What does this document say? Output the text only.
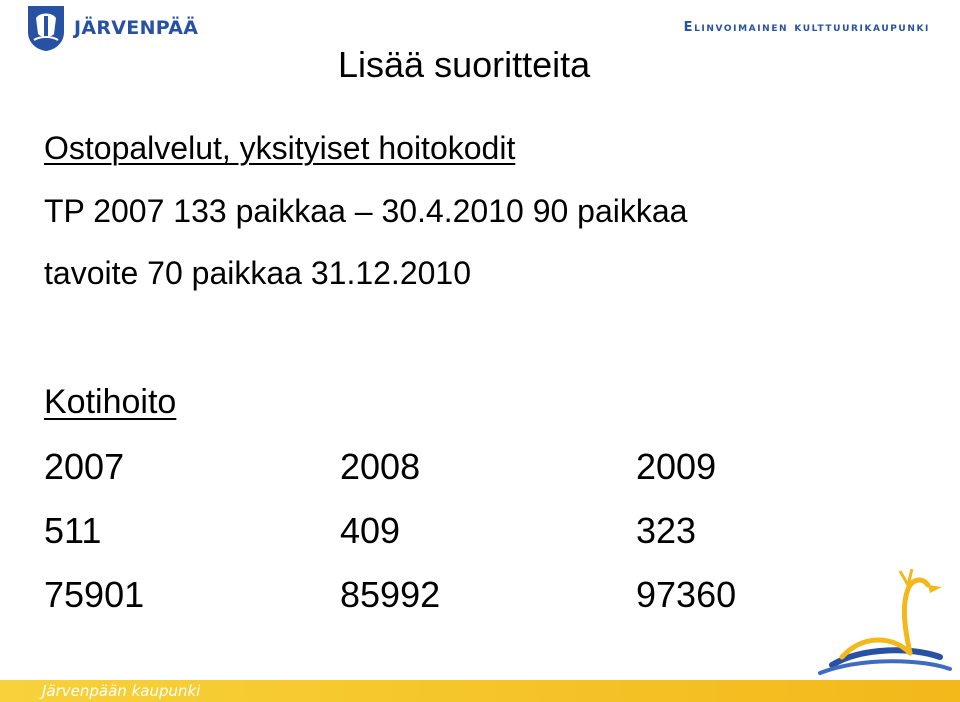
JÄRVENPÄÄ	Elinvoimainen kulttuurikaupunki
Lisää suoritteita
Ostopalvelut, yksityiset hoitokodit
TP 2007 133 paikkaa – 30.4.2010 90 paikkaa
tavoite 70 paikkaa 31.12.2010
Kotihoito
2007	2008	2009
511	409	323
75901	85992	97360
Järvenpään kaupunki
